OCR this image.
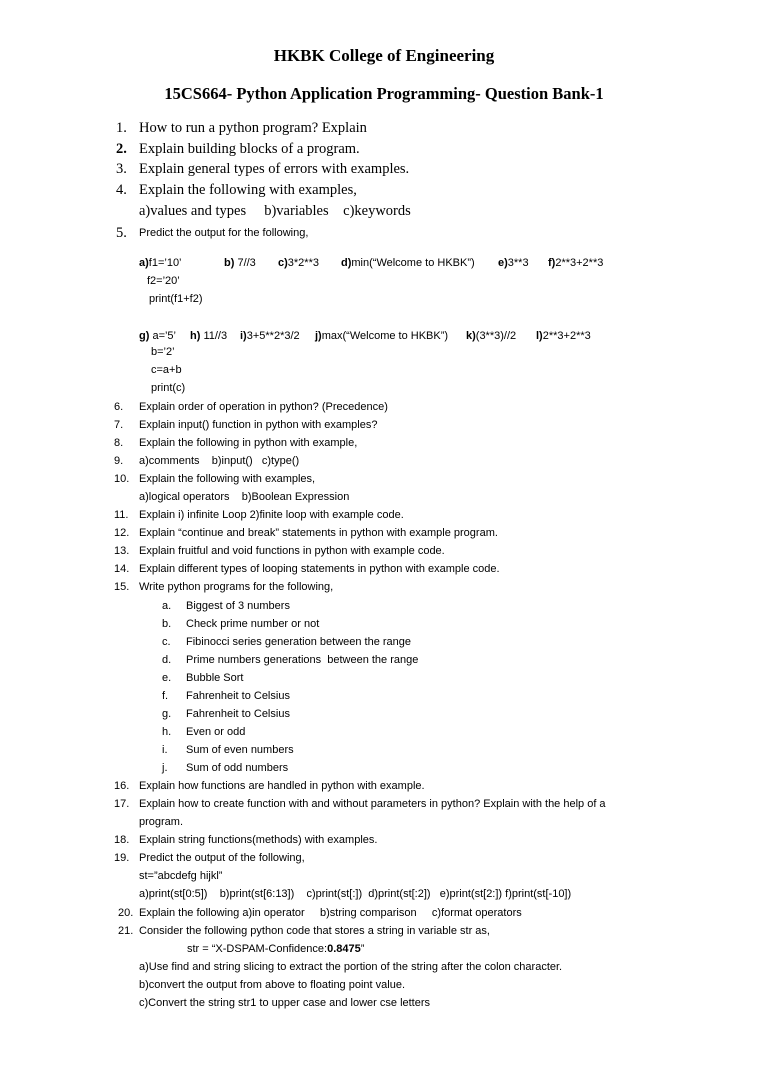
HKBK College of Engineering
15CS664- Python Application Programming- Question Bank-1
1. How to run a python program? Explain
2. Explain building blocks of a program.
3. Explain general types of errors with examples.
4. Explain the following with examples,
a)values and types     b)variables    c)keywords
5. Predict the output for the following,
a)f1=’10’	b) 7//3 c)3*2**3 d)min(“Welcome to HKBK”) e)3**3 f)2**3+2**3
f2=’20’
print(f1+f2)
g) a=’5’ h) 11//3 i)3+5**2*3/2 j)max(“Welcome to HKBK”) k)(3**3)//2 l)2**3+2**3
b=’2’
c=a+b
print(c)
6. Explain order of operation in python? (Precedence)
7. Explain input() function in python with examples?
8. Explain the following in python with example,
9. a)comments    b)input()   c)type()
10. Explain the following with examples,
a)logical operators    b)Boolean Expression
11. Explain i) infinite Loop 2)finite loop with example code.
12. Explain “continue and break” statements in python with example program.
13. Explain fruitful and void functions in python with example code.
14. Explain different types of looping statements in python with example code.
15. Write python programs for the following,
a. Biggest of 3 numbers
b. Check prime number or not
c. Fibinocci series generation between the range
d. Prime numbers generations  between the range
e. Bubble Sort
f. Fahrenheit to Celsius
g. Fahrenheit to Celsius
h. Even or odd
i. Sum of even numbers
j. Sum of odd numbers
16. Explain how functions are handled in python with example.
17. Explain how to create function with and without parameters in python? Explain with the help of a
program.
18. Explain string functions(methods) with examples.
19. Predict the output of the following,
st=”abcdefg hijkl”
a)print(st[0:5])    b)print(st[6:13])    c)print(st[:])  d)print(st[:2])   e)print(st[2:]) f)print(st[-10])
20. Explain the following a)in operator     b)string comparison     c)format operators
21. Consider the following python code that stores a string in variable str as,
str = “X-DSPAM-Confidence:0.8475”
a)Use find and string slicing to extract the portion of the string after the colon character.
b)convert the output from above to floating point value.
c)Convert the string str1 to upper case and lower cse letters
